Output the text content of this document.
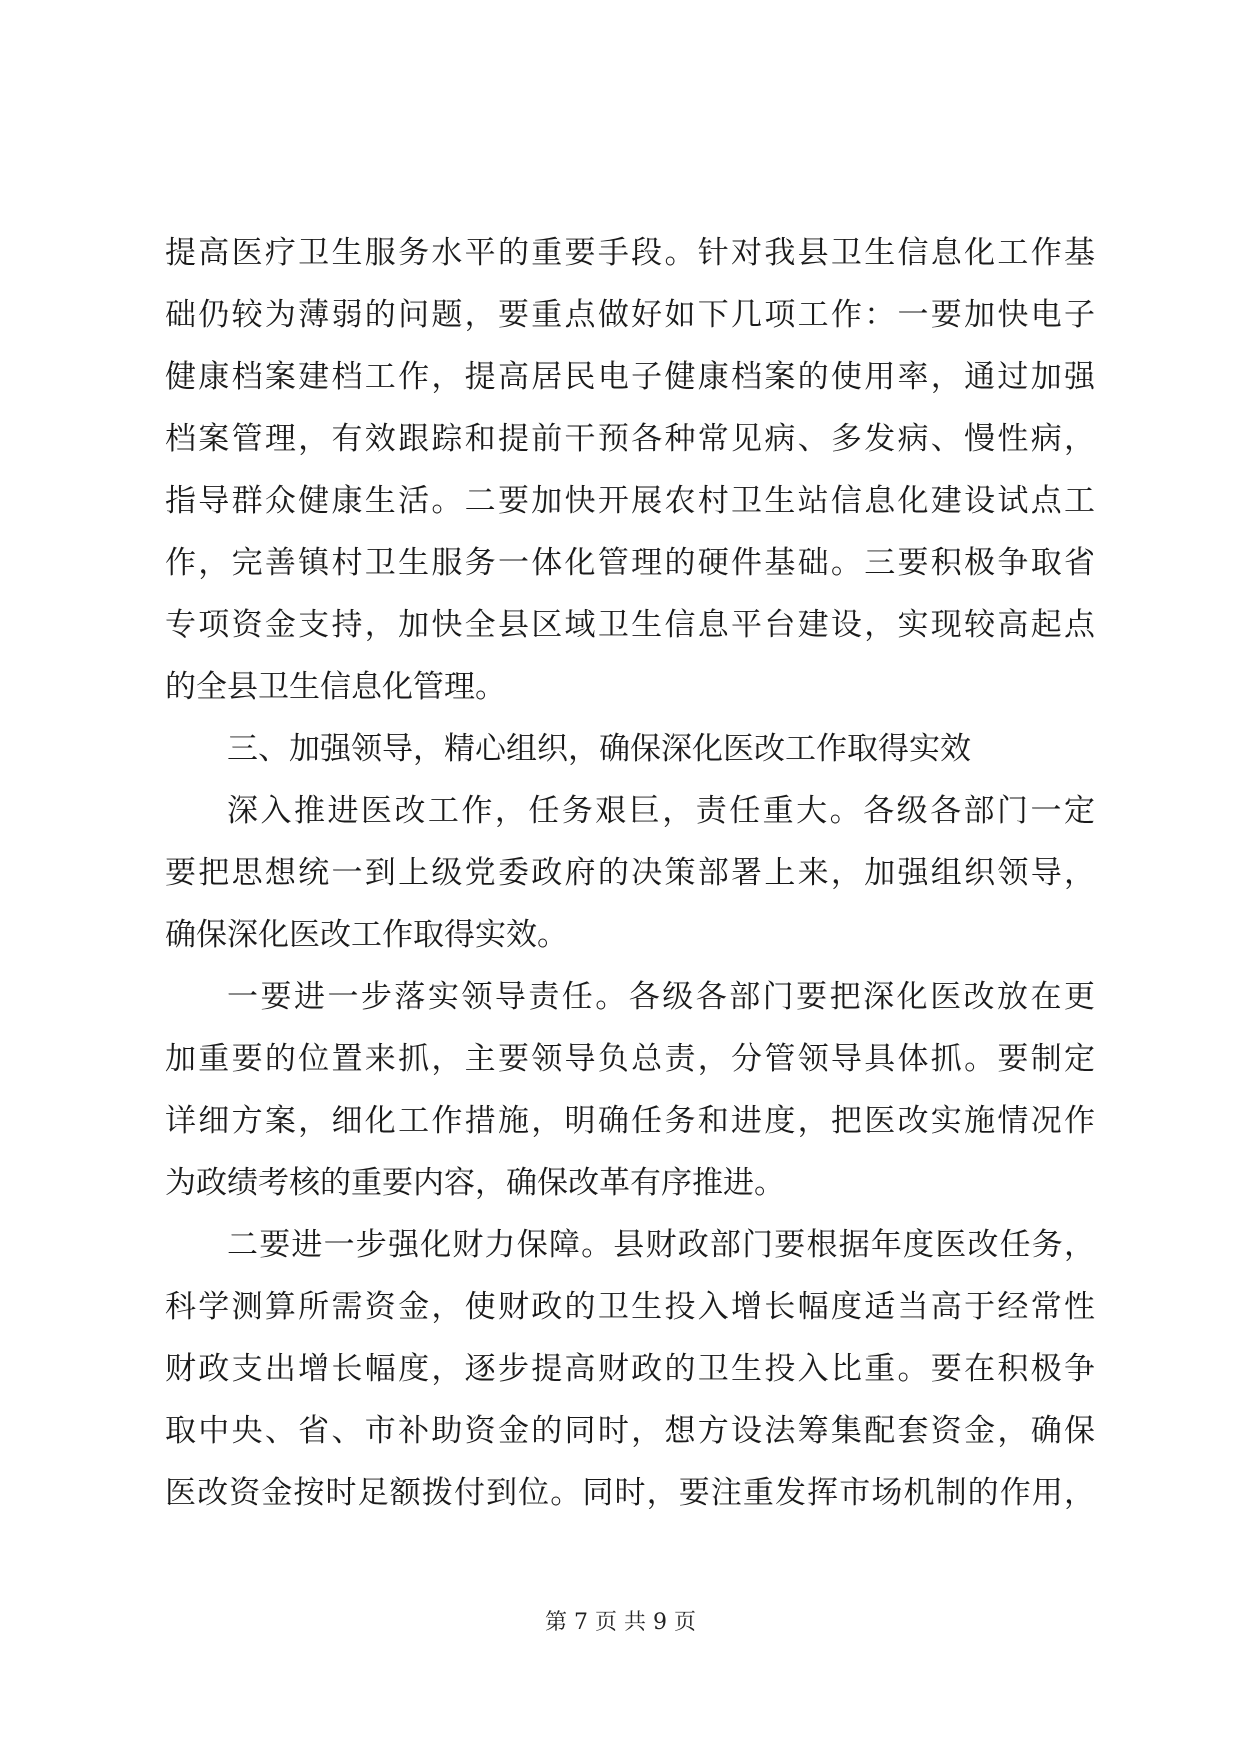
提高医疗卫生服务水平的重要手段。针对我县卫生信息化工作基
础仍较为薄弱的问题，要重点做好如下几项工作：一要加快电子
健康档案建档工作，提高居民电子健康档案的使用率，通过加强
档案管理，有效跟踪和提前干预各种常见病、多发病、慢性病，
指导群众健康生活。二要加快开展农村卫生站信息化建设试点工
作，完善镇村卫生服务一体化管理的硬件基础。三要积极争取省
专项资金支持，加快全县区域卫生信息平台建设，实现较高起点
的全县卫生信息化管理。
三、加强领导，精心组织，确保深化医改工作取得实效
深入推进医改工作，任务艰巨，责任重大。各级各部门一定
要把思想统一到上级党委政府的决策部署上来，加强组织领导，
确保深化医改工作取得实效。
一要进一步落实领导责任。各级各部门要把深化医改放在更
加重要的位置来抓，主要领导负总责，分管领导具体抓。要制定
详细方案，细化工作措施，明确任务和进度，把医改实施情况作
为政绩考核的重要内容，确保改革有序推进。
二要进一步强化财力保障。县财政部门要根据年度医改任务，
科学测算所需资金，使财政的卫生投入增长幅度适当高于经常性
财政支出增长幅度，逐步提高财政的卫生投入比重。要在积极争
取中央、省、市补助资金的同时，想方设法筹集配套资金，确保
医改资金按时足额拨付到位。同时，要注重发挥市场机制的作用，
第 7 页 共 9 页
